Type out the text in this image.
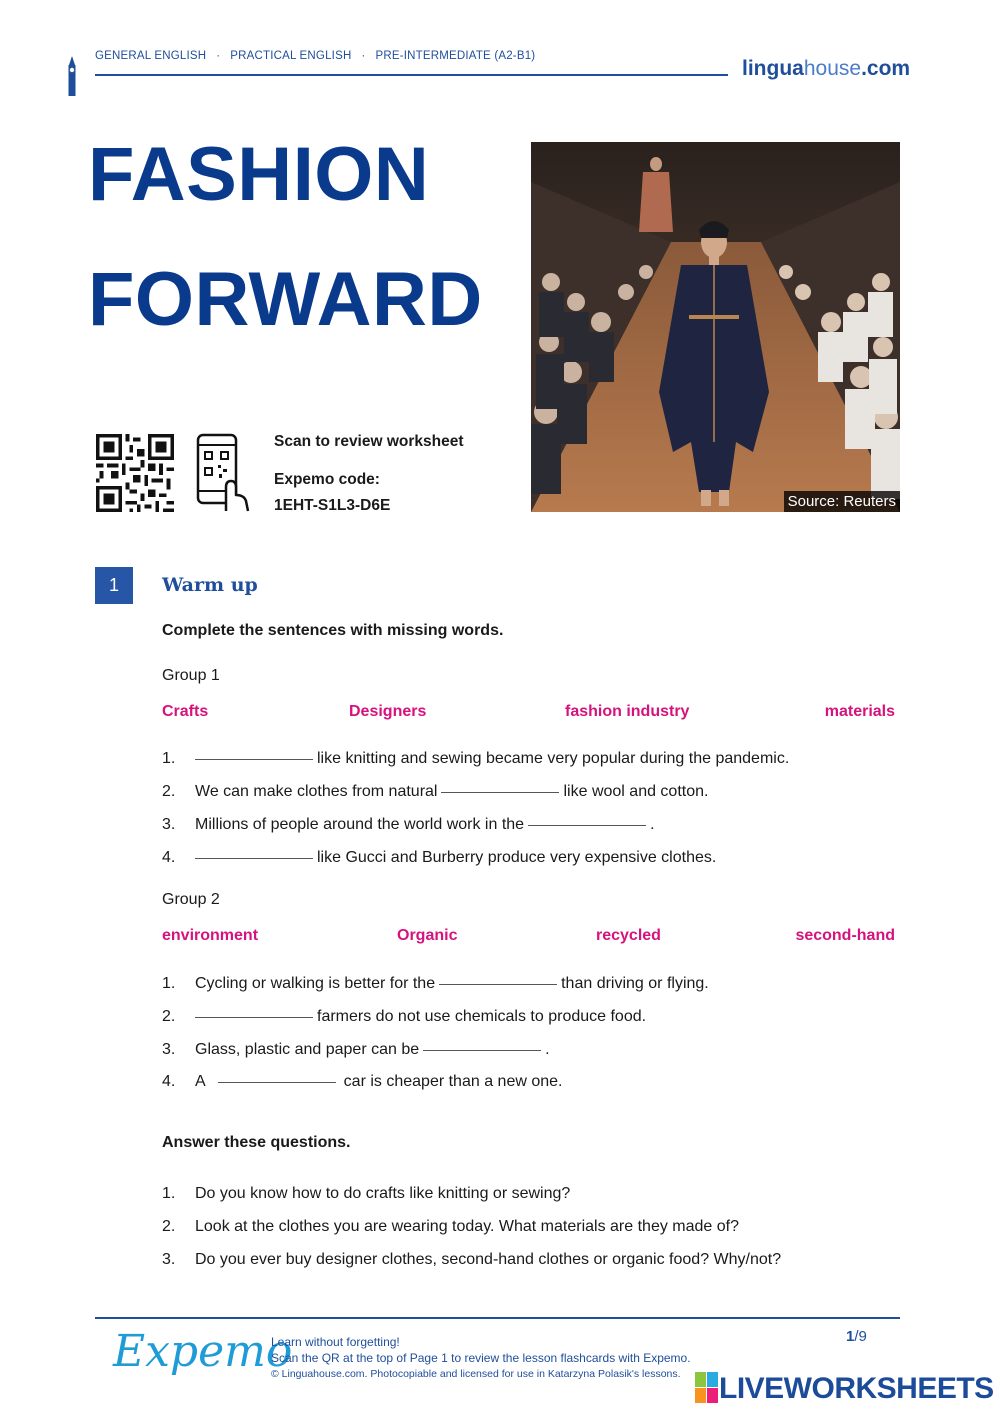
GENERAL ENGLISH · PRACTICAL ENGLISH · PRE-INTERMEDIATE (A2-B1)
linguahouse.com
FASHION
FORWARD
Source: Reuters
Scan to review worksheet
Expemo code:
1EHT-S1L3-D6E
1	Warm up
Complete the sentences with missing words.
Group 1
Crafts	Designers	fashion industry	materials
1.	like knitting and sewing became very popular during the pandemic.
2. We can make clothes from natural	like wool and cotton.
3. Millions of people around the world work in the	.
4.	like Gucci and Burberry produce very expensive clothes.
Group 2
environment	Organic	recycled	second-hand
1. Cycling or walking is better for the	than driving or flying.
2.	farmers do not use chemicals to produce food.
3. Glass, plastic and paper can be	.
4. A	car is cheaper than a new one.
Answer these questions.
1. Do you know how to do crafts like knitting or sewing?
2. Look at the clothes you are wearing today. What materials are they made of?
3. Do you ever buy designer clothes, second-hand clothes or organic food? Why/not?
Expemo
Learn without forgetting!
Scan the QR at the top of Page 1 to review the lesson flashcards with Expemo.
© Linguahouse.com. Photocopiable and licensed for use in Katarzyna Polasik's lessons.
1/9
LIVEWORKSHEETS
